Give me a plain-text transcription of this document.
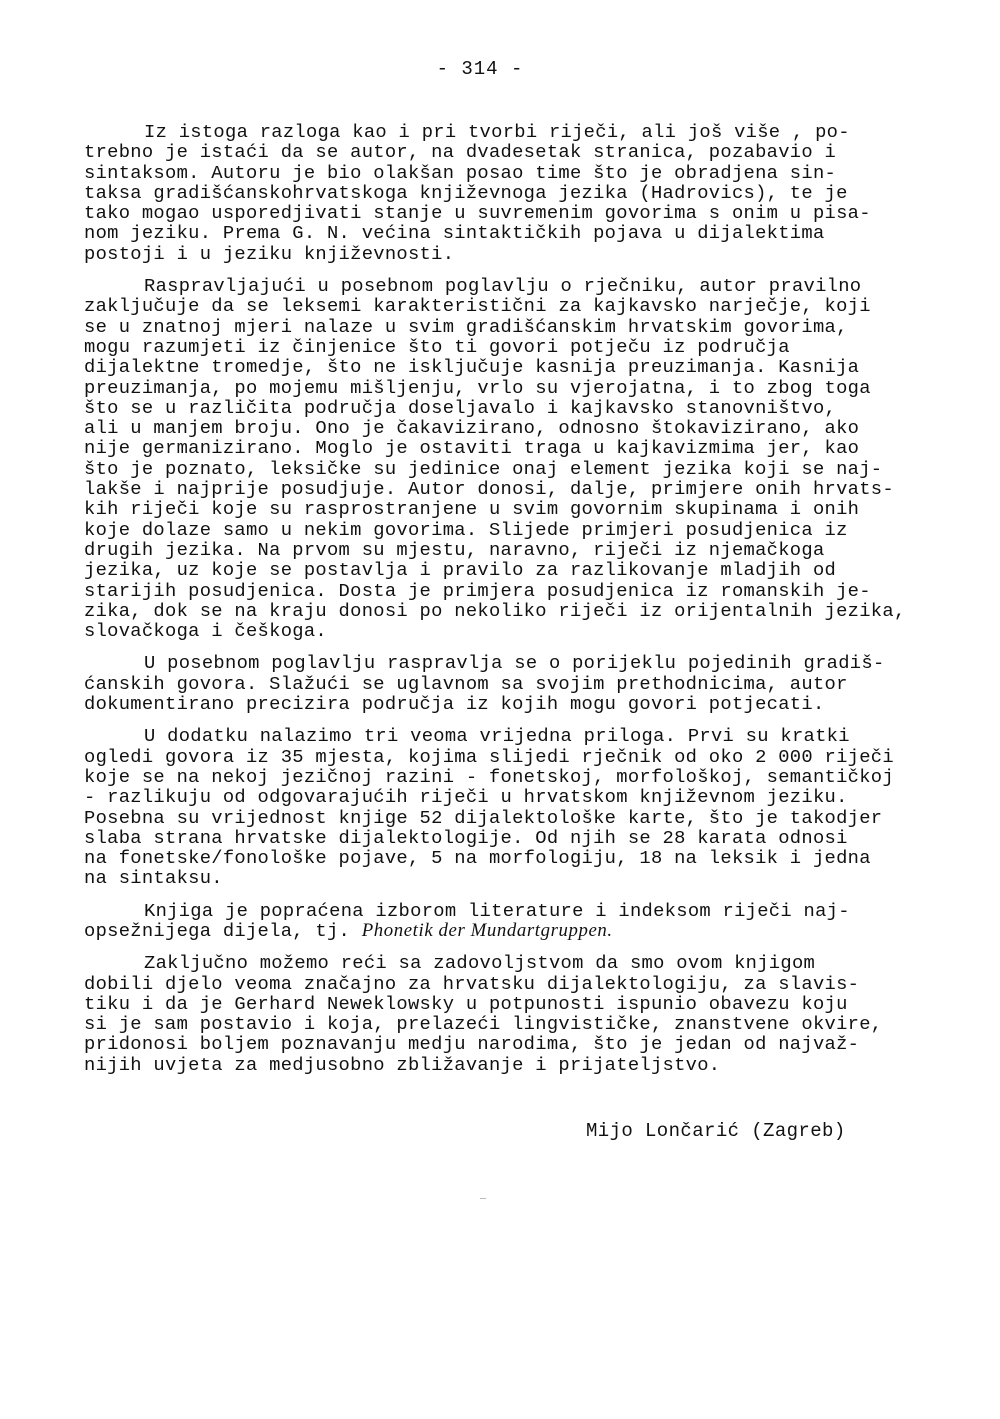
- 314 -

Iz istoga razloga kao i pri tvorbi riječi, ali još više , po-
trebno je istaći da se autor, na dvadesetak stranica, pozabavio i
sintaksom. Autoru je bio olakšan posao time što je obradjena sin-
taksa gradišćanskohrvatskoga književnoga jezika (Hadrovics), te je
tako mogao usporedjivati stanje u suvremenim govorima s onim u pisa-
nom jeziku. Prema G. N. većina sintaktičkih pojava u dijalektima
postoji i u jeziku književnosti.

Raspravljajući u posebnom poglavlju o rječniku, autor pravilno
zaključuje da se leksemi karakteristični za kajkavsko narječje, koji
se u znatnoj mjeri nalaze u svim gradišćanskim hrvatskim govorima,
mogu razumjeti iz činjenice što ti govori potječu iz područja
dijalektne tromedje, što ne isključuje kasnija preuzimanja. Kasnija
preuzimanja, po mojemu mišljenju, vrlo su vjerojatna, i to zbog toga
što se u različita područja doseljavalo i kajkavsko stanovništvo,
ali u manjem broju. Ono je čakavizirano, odnosno štokavizirano, ako
nije germanizirano. Moglo je ostaviti traga u kajkavizmima jer, kao
što je poznato, leksičke su jedinice onaj element jezika koji se naj-
lakše i najprije posudjuje. Autor donosi, dalje, primjere onih hrvats-
kih riječi koje su rasprostranjene u svim govornim skupinama i onih
koje dolaze samo u nekim govorima. Slijede primjeri posudjenica iz
drugih jezika. Na prvom su mjestu, naravno, riječi iz njemačkoga
jezika, uz koje se postavlja i pravilo za razlikovanje mladjih od
starijih posudjenica. Dosta je primjera posudjenica iz romanskih je-
zika, dok se na kraju donosi po nekoliko riječi iz orijentalnih jezika,
slovačkoga i češkoga.

U posebnom poglavlju raspravlja se o porijeklu pojedinih gradiš-
ćanskih govora. Slažući se uglavnom sa svojim prethodnicima, autor
dokumentirano precizira područja iz kojih mogu govori potjecati.

U dodatku nalazimo tri veoma vrijedna priloga. Prvi su kratki
ogledi govora iz 35 mjesta, kojima slijedi rječnik od oko 2 000 riječi
koje se na nekoj jezičnoj razini - fonetskoj, morfološkoj, semantičkoj
- razlikuju od odgovarajućih riječi u hrvatskom književnom jeziku.
Posebna su vrijednost knjige 52 dijalektološke karte, što je takodjer
slaba strana hrvatske dijalektologije. Od njih se 28 karata odnosi
na fonetske/fonološke pojave, 5 na morfologiju, 18 na leksik i jedna
na sintaksu.

Knjiga je popraćena izborom literature i indeksom riječi naj-
opsežnijega dijela, tj. Phonetik der Mundartgruppen.

Zaključno možemo reći sa zadovoljstvom da smo ovom knjigom
dobili djelo veoma značajno za hrvatsku dijalektologiju, za slavis-
tiku i da je Gerhard Neweklowsky u potpunosti ispunio obavezu koju
si je sam postavio i koja, prelazeći lingvističke, znanstvene okvire,
pridonosi boljem poznavanju medju narodima, što je jedan od najvaž-
nijih uvjeta za medjusobno zbližavanje i prijateljstvo.

Mijo Lončarić (Zagreb)
